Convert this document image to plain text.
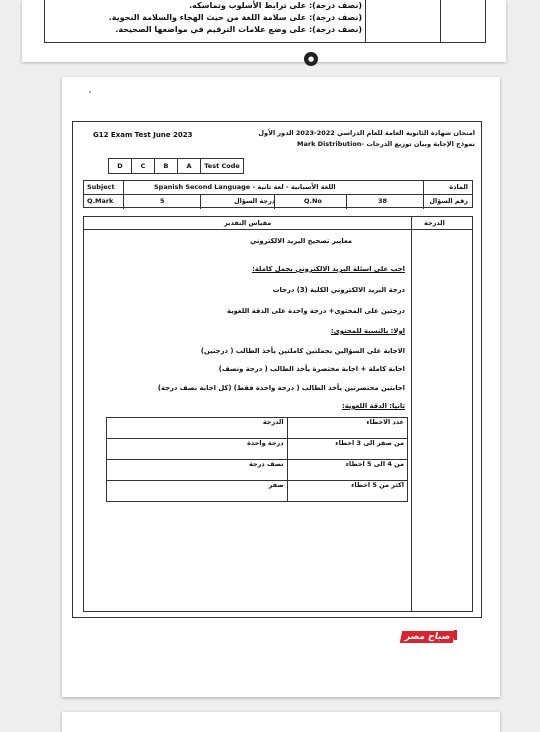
(نصف درجة): على ترابط الأسلوب وتماسكه.
(نصف درجة): على سلامة اللغة من حيث الهجاء والسلامة النحوية.
(نصف درجة): على وضع علامات الترقيم في مواضعها الصحيحة.
●
G12 Exam Test June 2023	امتحان شهادة الثانوية العامة للعام الدراسي 2022-2023 الدور الأول
نموذج الإجابة وبيان توزيع الدرجات -Mark Distribution
D	C	B	A	Test Code
Subject	Spanish Second Language - اللغة الأسبانية - لغة ثانية	المادة
Q.Mark	5	درجة السؤال	Q.No	38	رقم السؤال
مقياس التقدير	الدرجة
معايير تصحيح البريد الالكتروني
اجب على اسئلة البريد الالكتروني بجمل كاملة:
درجة البريد الالكتروني الكلية (3) درجات
درجتين على المحتوى+ درجة واحدة على الدقة اللغوية
اولا: بالنسبة للمحتوى:
الاجابة على السؤالين بجملتين كاملتين يأخذ الطالب ( درجتين)
اجابة كاملة + اجابة مختصرة يأخذ الطالب ( درجة ونصف)
اجابتين مختصرتين يأخذ الطالب ( درجة واحدة فقط) (كل اجابة نصف درجة)
ثانيا: الدقة اللغوية:
عدد الاخطاء	الدرجة
من صفر الى 3 اخطاء	درجة واحدة
من 4 الى 5 اخطاء	نصف درجة
اكثر من 5 اخطاء	صفر
صباح مصر
